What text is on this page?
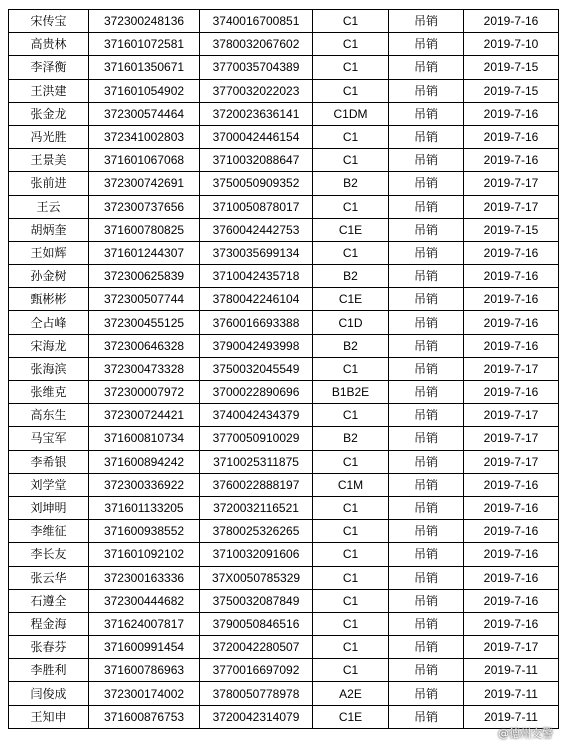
宋传宝	372300248136	3740016700851	C1	吊销	2019-7-16
高贵林	371601072581	3780032067602	C1	吊销	2019-7-10
李泽衡	371601350671	3770035704389	C1	吊销	2019-7-15
王洪建	371601054902	3770032022023	C1	吊销	2019-7-15
张金龙	372300574464	3720023636141	C1DM	吊销	2019-7-16
冯光胜	372341002803	3700042446154	C1	吊销	2019-7-16
王景美	371601067068	3710032088647	C1	吊销	2019-7-16
张前进	372300742691	3750050909352	B2	吊销	2019-7-17
王云	372300737656	3710050878017	C1	吊销	2019-7-17
胡炳奎	371600780825	3760042442753	C1E	吊销	2019-7-15
王如辉	371601244307	3730035699134	C1	吊销	2019-7-16
孙金树	372300625839	3710042435718	B2	吊销	2019-7-16
甄彬彬	372300507744	3780042246104	C1E	吊销	2019-7-16
仝占峰	372300455125	3760016693388	C1D	吊销	2019-7-16
宋海龙	372300646328	3790042493998	B2	吊销	2019-7-16
张海滨	372300473328	3750032045549	C1	吊销	2019-7-17
张维克	372300007972	3700022890696	B1B2E	吊销	2019-7-16
高东生	372300724421	3740042434379	C1	吊销	2019-7-17
马宝军	371600810734	3770050910029	B2	吊销	2019-7-17
李希银	371600894242	3710025311875	C1	吊销	2019-7-17
刘学堂	372300336922	3760022888197	C1M	吊销	2019-7-16
刘坤明	371601133205	3720032116521	C1	吊销	2019-7-16
李维征	371600938552	3780025326265	C1	吊销	2019-7-16
李长友	371601092102	3710032091606	C1	吊销	2019-7-16
张云华	372300163336	37X0050785329	C1	吊销	2019-7-16
石遵全	372300444682	3750032087849	C1	吊销	2019-7-16
程金海	371624007817	3790050846516	C1	吊销	2019-7-16
张春芬	371600991454	3720042280507	C1	吊销	2019-7-17
李胜利	371600786963	3770016697092	C1	吊销	2019-7-11
闫俊成	372300174002	3780050778978	A2E	吊销	2019-7-11
王知申	371600876753	3720042314079	C1E	吊销	2019-7-11
@德州交警
